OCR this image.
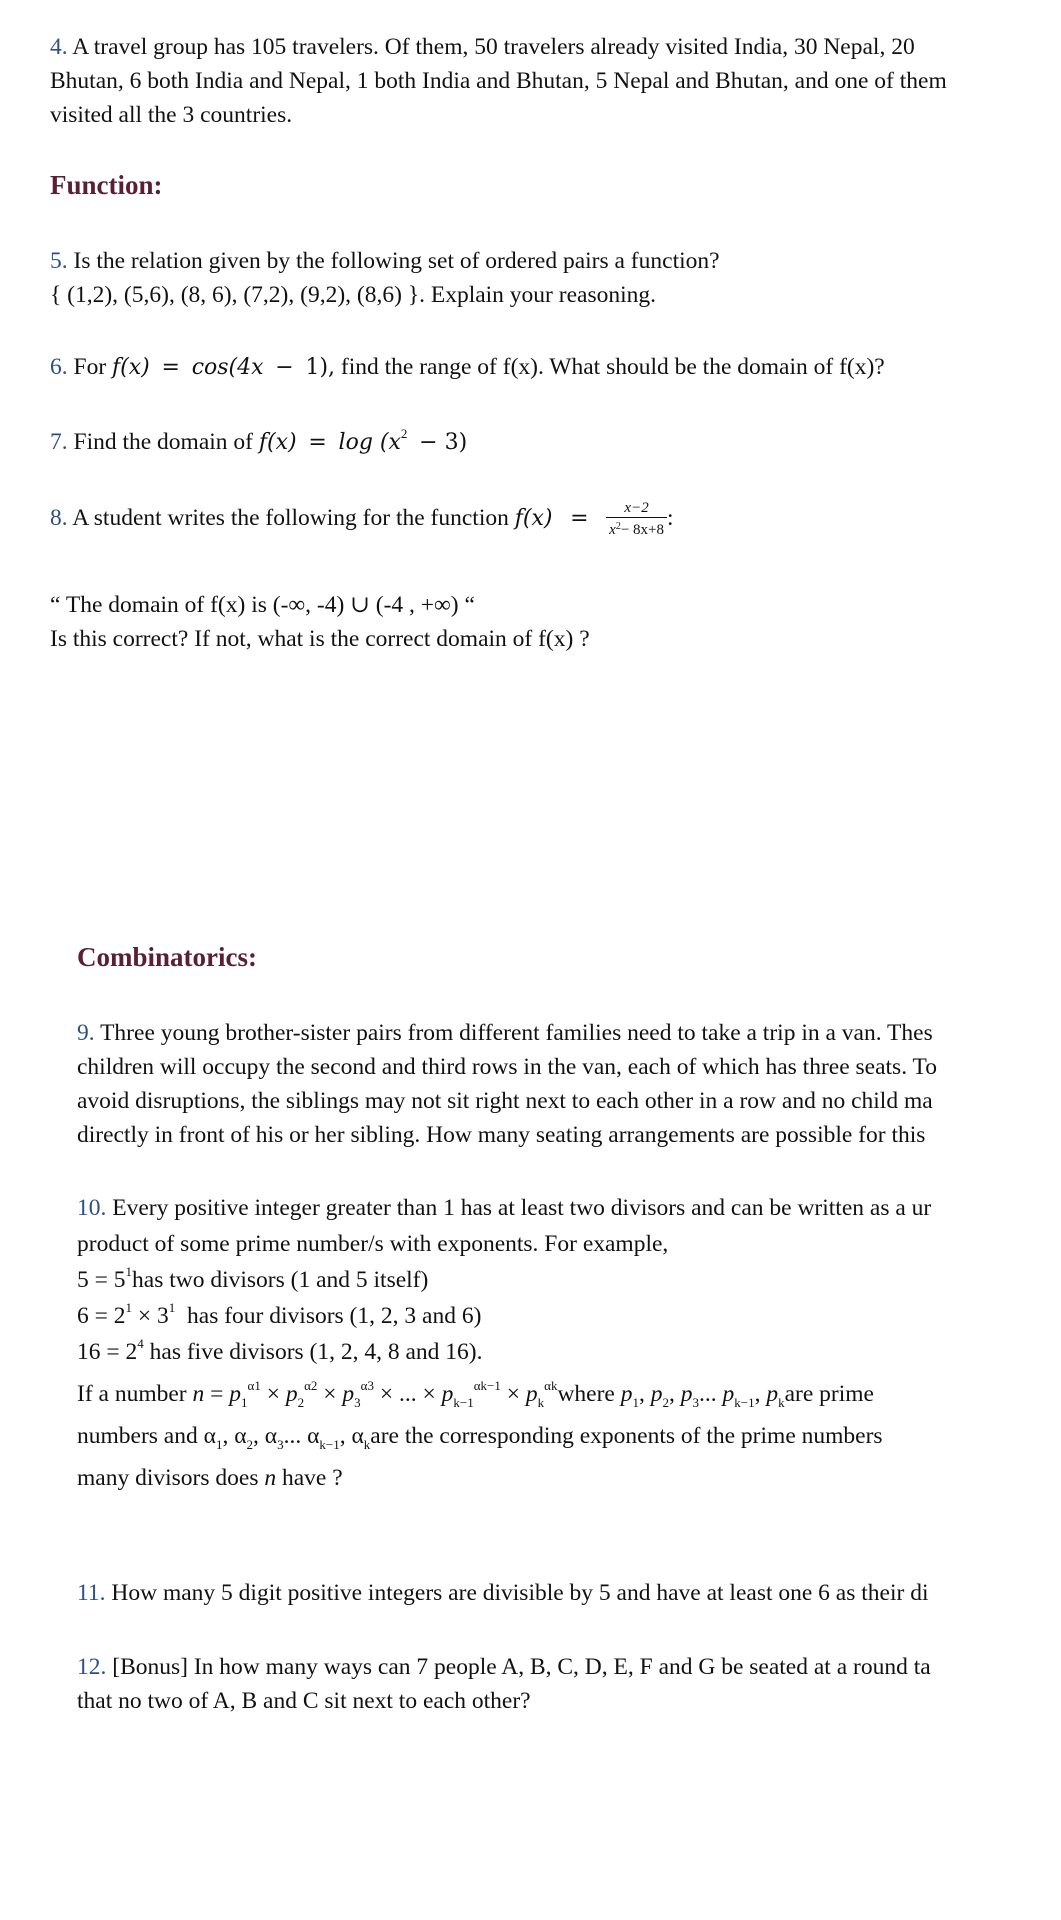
4. A travel group has 105 travelers. Of them, 50 travelers already visited India, 30 Nepal, 20
Bhutan, 6 both India and Nepal, 1 both India and Bhutan, 5 Nepal and Bhutan, and one of them
visited all the 3 countries.
Function:
5. Is the relation given by the following set of ordered pairs a function?
{ (1,2), (5,6), (8, 6), (7,2), (9,2), (8,6) }. Explain your reasoning.
6. For f(x) = cos(4x − 1), find the range of f(x). What should be the domain of f(x)?
7. Find the domain of $f(x) = \log (x^2 - 3)$
8. A student writes the following for the function $f(x) = \frac{x-2}{x^2- 8x+8}$ :
“ The domain of f(x) is (-∞, -4) ∪ (-4 , +∞) “
Is this correct? If not, what is the correct domain of f(x) ?
Combinatorics:
9. Three young brother-sister pairs from different families need to take a trip in a van. Thes
children will occupy the second and third rows in the van, each of which has three seats. To
avoid disruptions, the siblings may not sit right next to each other in a row and no child ma
directly in front of his or her sibling. How many seating arrangements are possible for this
10. Every positive integer greater than 1 has at least two divisors and can be written as a ur
product of some prime number/s with exponents. For example,
$5 = 5^1has$ two divisors (1 and 5 itself)
$6 = 2^1 \times 3^1$ has four divisors (1, 2, 3 and 6)
$16 = 2^4$ has five divisors (1, 2, 4, 8 and 16).
If a number $n = p_1^{\alpha 1} \times p_2^{\alpha 2} \times p_3^{\alpha 3}$ × ... × $p_{k-1}^{\alpha k-1}$ × $p_k^{\alpha k}where$ $p_1$, $p_2$, $p_3$... $p_{k-1}$, $p_kare$ prime
numbers and $\alpha_1$, $\alpha_2$, $\alpha_3$... $\alpha_{k-1}$, $\alpha_kare$ the corresponding exponents of the prime numbers
many divisors does n have ?
11. How many 5 digit positive integers are divisible by 5 and have at least one 6 as their di
12. [Bonus] In how many ways can 7 people A, B, C, D, E, F and G be seated at a round ta
that no two of A, B and C sit next to each other?
